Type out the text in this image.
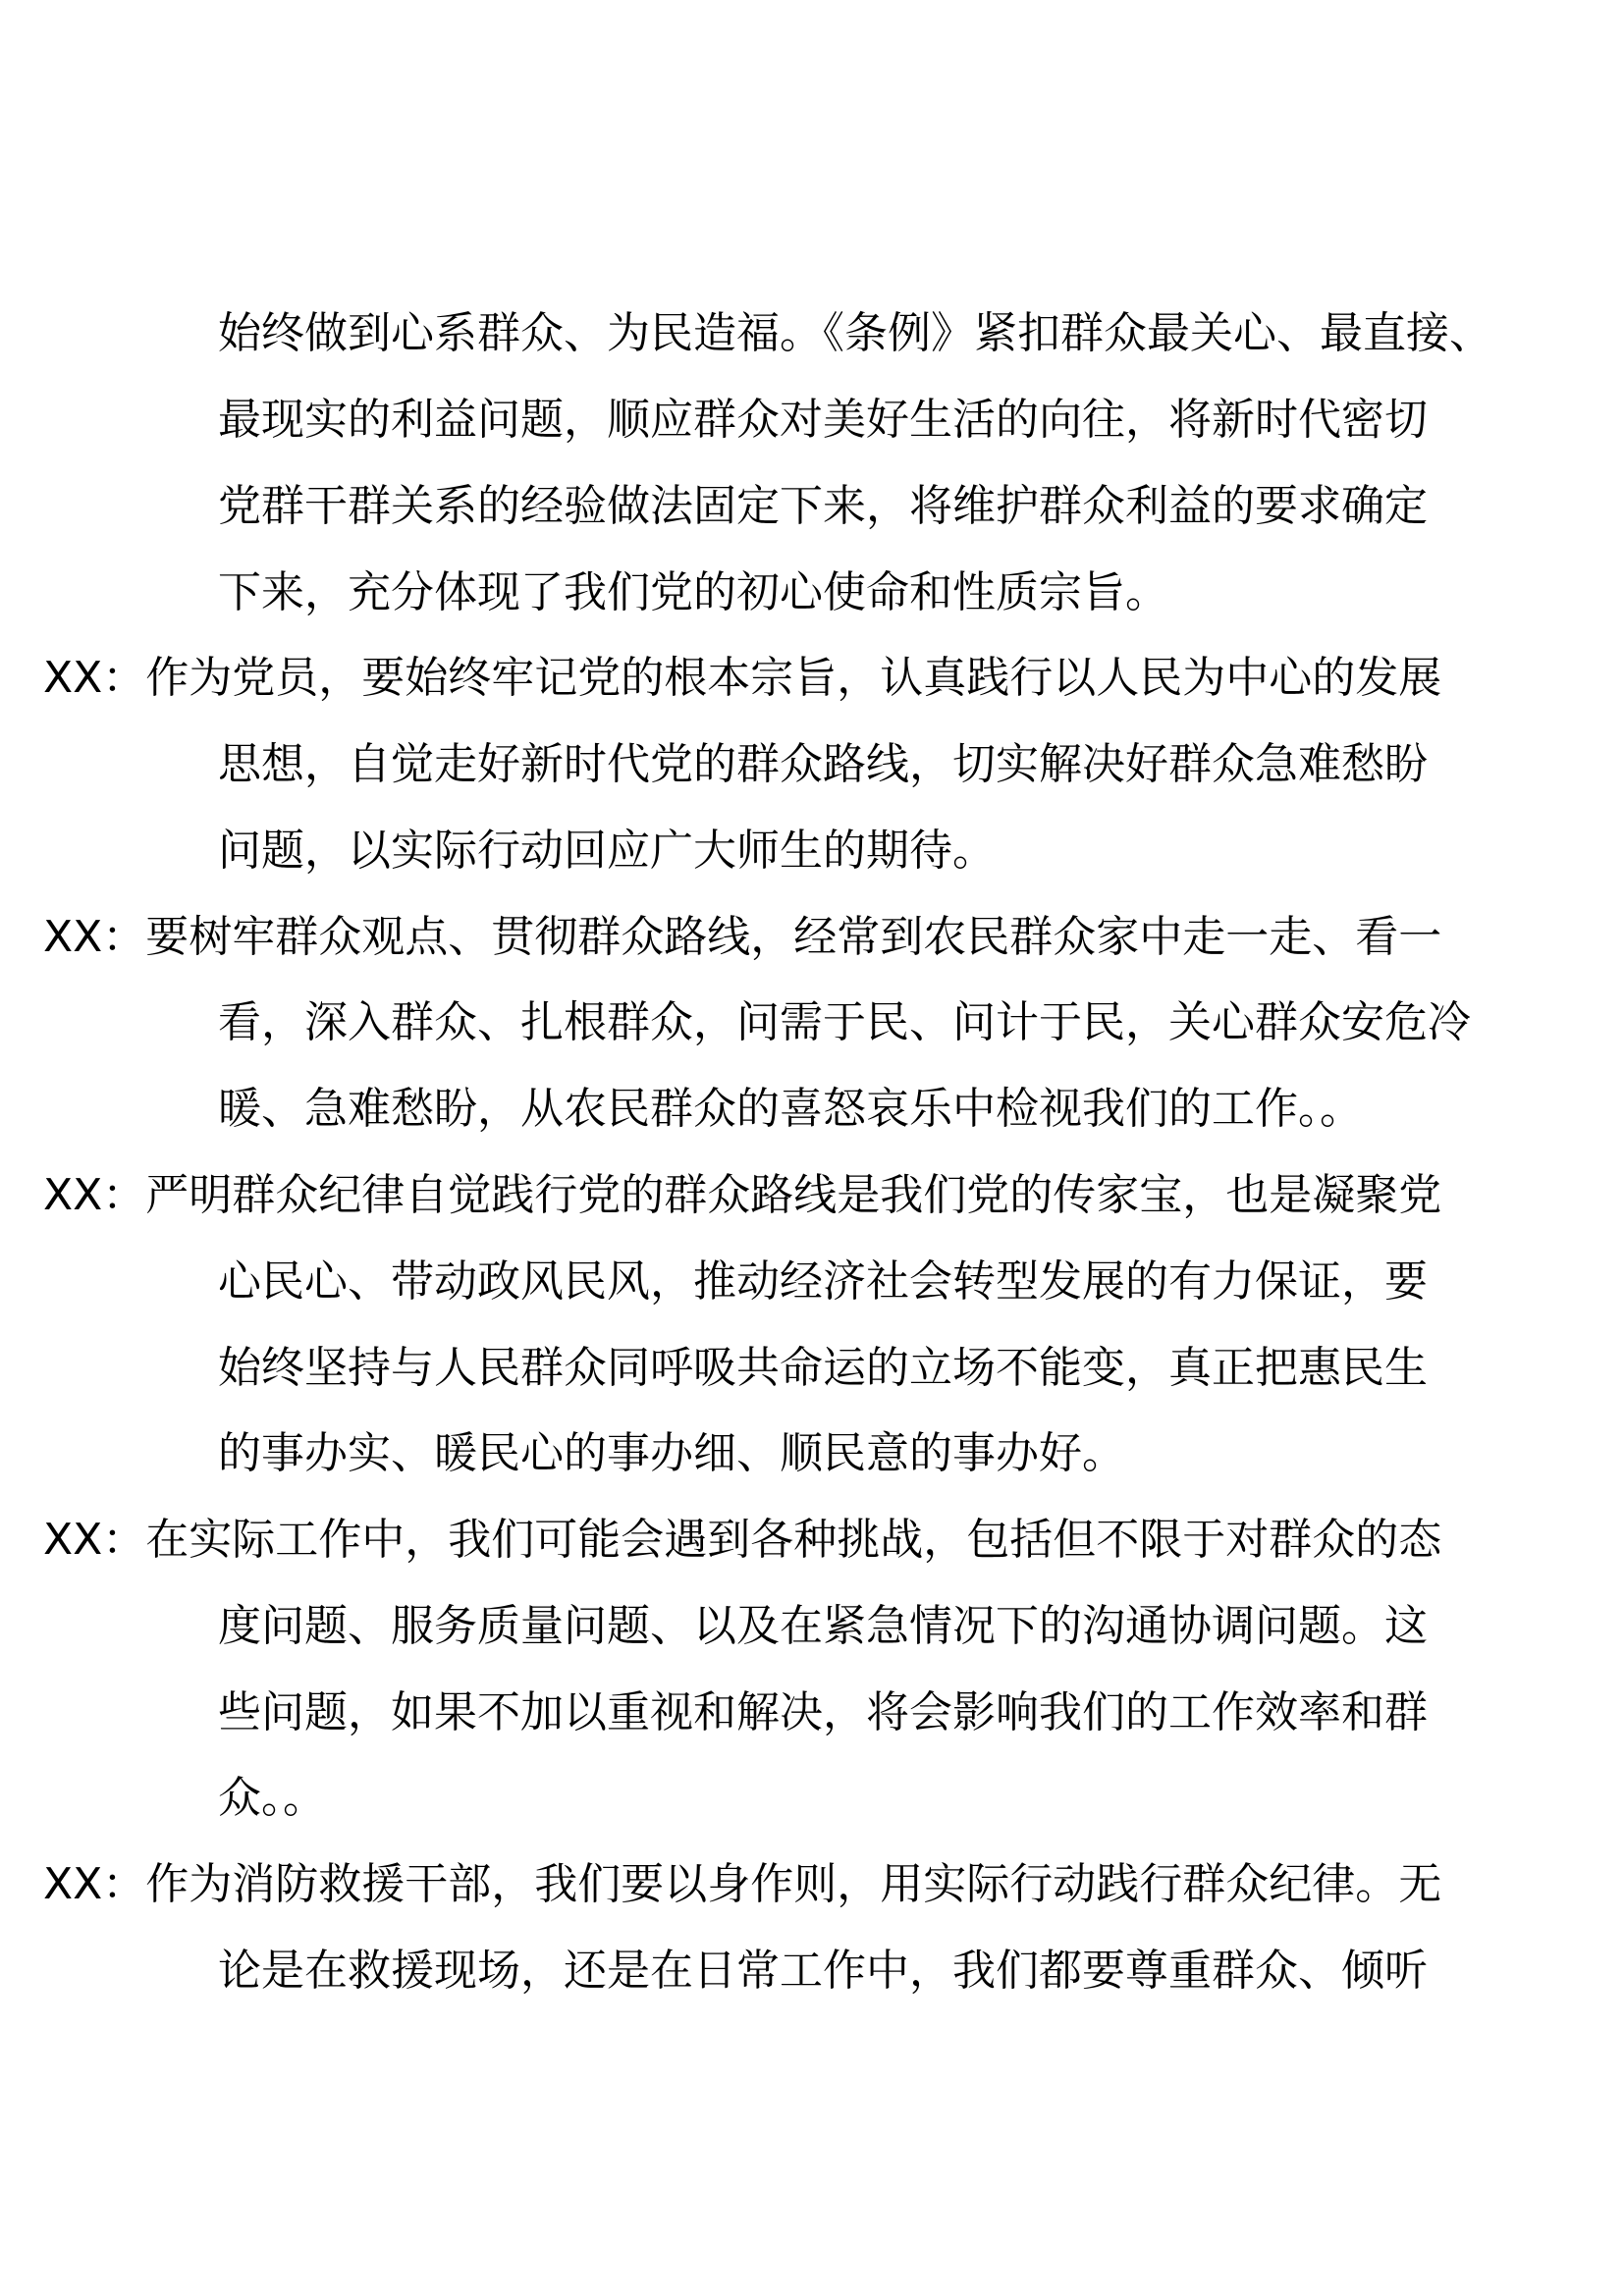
始终做到心系群众、为民造福。《条例》紧扣群众最关心、最直接、
最现实的利益问题，顺应群众对美好生活的向往，将新时代密切
党群干群关系的经验做法固定下来，将维护群众利益的要求确定
下来，充分体现了我们党的初心使命和性质宗旨。
XX：作为党员，要始终牢记党的根本宗旨，认真践行以人民为中心的发展
思想，自觉走好新时代党的群众路线，切实解决好群众急难愁盼
问题，以实际行动回应广大师生的期待。
XX：要树牢群众观点、贯彻群众路线，经常到农民群众家中走一走、看一
看，深入群众、扎根群众，问需于民、问计于民，关心群众安危冷
暖、急难愁盼，从农民群众的喜怒哀乐中检视我们的工作。。
XX：严明群众纪律自觉践行党的群众路线是我们党的传家宝，也是凝聚党
心民心、带动政风民风，推动经济社会转型发展的有力保证，要
始终坚持与人民群众同呼吸共命运的立场不能变，真正把惠民生
的事办实、暖民心的事办细、顺民意的事办好。
XX：在实际工作中，我们可能会遇到各种挑战，包括但不限于对群众的态
度问题、服务质量问题、以及在紧急情况下的沟通协调问题。这
些问题，如果不加以重视和解决，将会影响我们的工作效率和群
众。。
XX：作为消防救援干部，我们要以身作则，用实际行动践行群众纪律。无
论是在救援现场，还是在日常工作中，我们都要尊重群众、倾听
